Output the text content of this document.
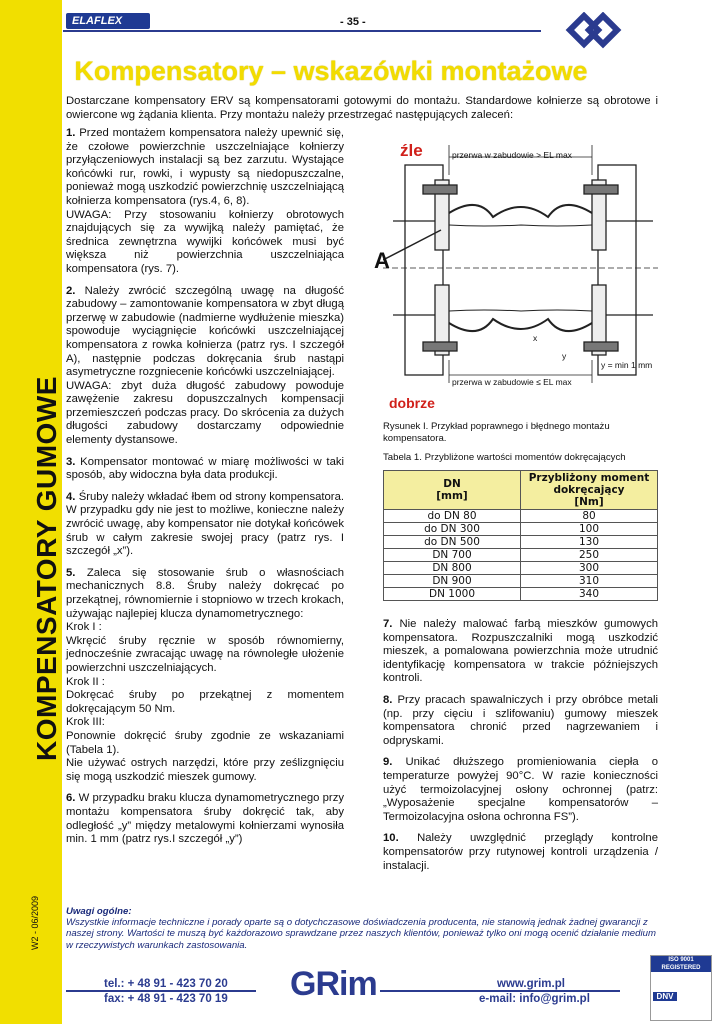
ELAFLEX	- 35 -
KOMPENSATORY GUMOWE
Kompensatory – wskazówki montażowe

Dostarczane kompensatory ERV są kompensatorami gotowymi do montażu. Standardowe kołnierze są obrotowe i owiercone wg żądania klienta. Przy montażu należy przestrzegać następujących zaleceń:

1. Przed montażem kompensatora należy upewnić się, że czołowe powierzchnie uszczelniające kołnierzy przyłączeniowych instalacji są bez zarzutu. Wystające końcówki rur, rowki, i wypusty są niedopuszczalne, ponieważ mogą uszkodzić powierzchnię uszczelniającą kołnierza kompensatora (rys.4, 6, 8).
UWAGA: Przy stosowaniu kołnierzy obrotowych znajdujących się za wywijką należy pamiętać, że średnica zewnętrzna wywijki końcówek musi być większa niż powierzchnia uszczelniająca kompensatora (rys. 7).

2. Należy zwrócić szczególną uwagę na długość zabudowy – zamontowanie kompensatora w zbyt długą przerwę w zabudowie (nadmierne wydłużenie mieszka) spowoduje wyciągnięcie końcówki uszczelniającej kompensatora z rowka kołnierza (patrz rys. I szczegół A), następnie podczas dokręcania śrub nastąpi asymetryczne rozgniecenie końcówki uszczelniającej.
UWAGA: zbyt duża długość zabudowy powoduje zawężenie zakresu dopuszczalnych kompensacji przemieszczeń podczas pracy. Do skrócenia za dużych długości zabudowy dostarczamy odpowiednie elementy dystansowe.

3. Kompensator montować w miarę możliwości w taki sposób, aby widoczna była data produkcji.

4. Śruby należy wkładać łbem od strony kompensatora. W przypadku gdy nie jest to możliwe, konieczne należy zwrócić uwagę, aby kompensator nie dotykał końcówek śrub w całym zakresie swojej pracy (patrz rys. I szczegół „x”).

5. Zaleca się stosowanie śrub o własnościach mechanicznych 8.8. Śruby należy dokręcać po przekątnej, równomiernie i stopniowo w trzech krokach, używając najlepiej klucza dynamometrycznego:
Krok I :
Wkręcić śruby ręcznie w sposób równomierny, jednocześnie zwracając uwagę na równoległe ułożenie powierzchni uszczelniających.
Krok II :
Dokręcać śruby po przekątnej z momentem dokręcającym 50 Nm.
Krok III:
Ponownie dokręcić śruby zgodnie ze wskazaniami (Tabela 1).
Nie używać ostrych narzędzi, które przy ześlizgnięciu się mogą uszkodzić mieszek gumowy.

6. W przypadku braku klucza dynamometrycznego przy montażu kompensatora śruby dokręcić tak, aby odległość „y” między metalowymi kołnierzami wynosiła min. 1 mm (patrz rys.I szczegół „y”)

źle	przerwa w zabudowie > EL max
A
x
y
y = min 1 mm
przerwa w zabudowie ≤ EL max
dobrze
Rysunek I. Przykład poprawnego i błędnego montażu kompensatora.
Tabela 1. Przybliżone wartości momentów dokręcających
DN
[mm]	Przybliżony moment
dokręcający
[Nm]
do DN 80	80
do DN 300	100
do DN 500	130
DN 700	250
DN 800	300
DN 900	310
DN 1000	340

7. Nie należy malować farbą mieszków gumowych kompensatora. Rozpuszczalniki mogą uszkodzić mieszek, a pomalowana powierzchnia może utrudnić identyfikację kompensatora w trakcie późniejszych kontroli.

8. Przy pracach spawalniczych i przy obróbce metali (np. przy cięciu i szlifowaniu) gumowy mieszek kompensatora chronić przed nagrzewaniem i odpryskami.

9. Unikać dłuższego promieniowania ciepła o temperaturze powyżej 90°C. W razie konieczności użyć termoizolacyjnej osłony ochronnej (patrz: „Wyposażenie specjalne kompensatorów – Termoizolacyjna osłona ochronna FS”).

10. Należy uwzględnić przeglądy kontrolne kompensatorów przy rutynowej kontroli urządzenia / instalacji.

Uwagi ogólne:
Wszystkie informacje techniczne i porady oparte są o dotychczasowe doświadczenia producenta, nie stanowią jednak żadnej gwarancji z naszej strony. Wartości te muszą być każdorazowo sprawdzane przez naszych klientów, ponieważ tylko oni mogą ocenić działanie medium w rzeczywistych warunkach zastosowania.
W2 - 06/2009
tel.: + 48 91 - 423 70 20
fax: + 48 91 - 423 70 19 GRim	www.grim.pl
e-mail: info@grim.pl
ISO 9001 REGISTERED
DNV
